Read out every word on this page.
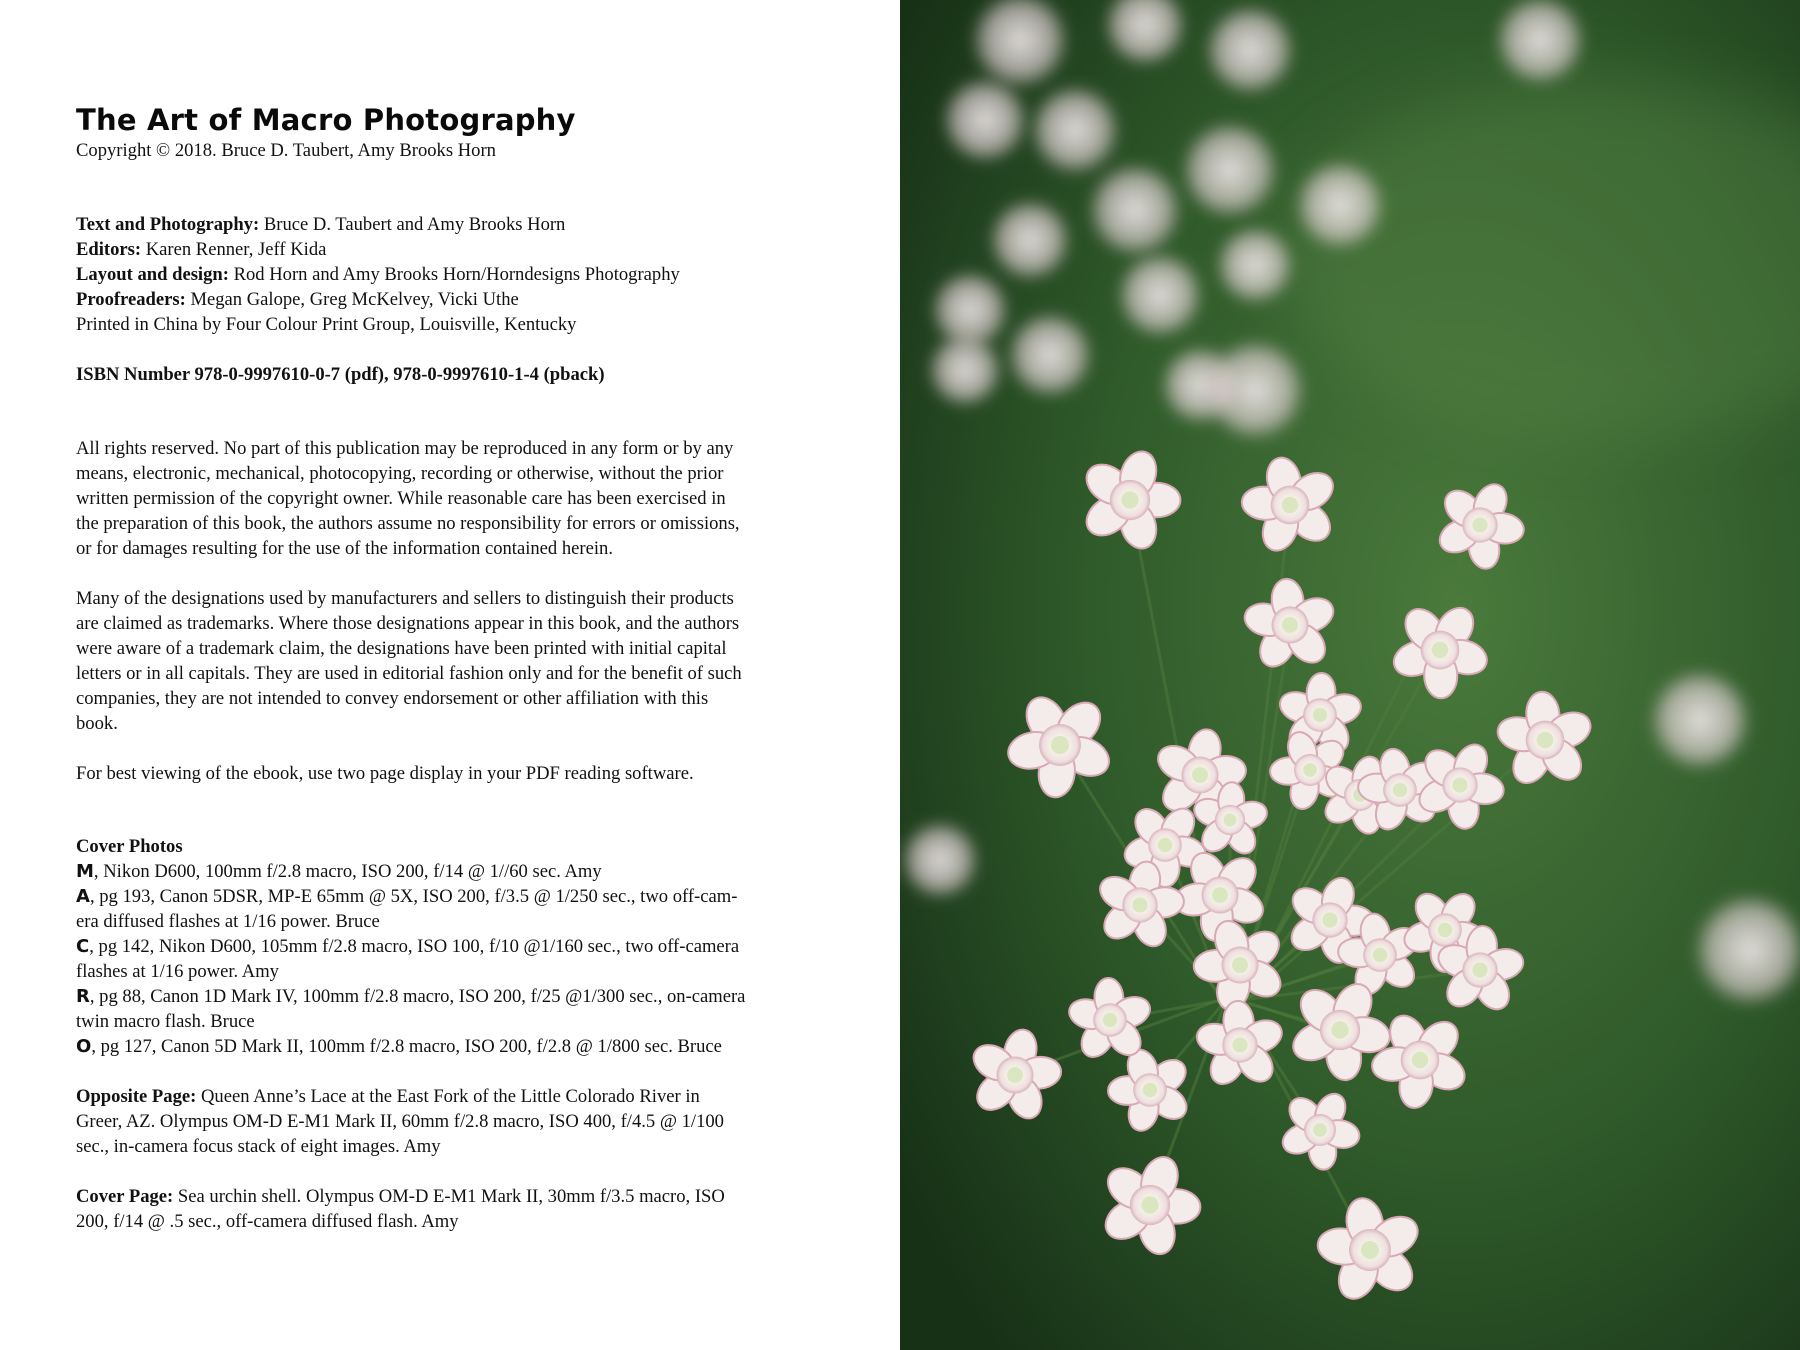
The Art of Macro Photography

Copyright © 2018. Bruce D. Taubert, Amy Brooks Horn

Text and Photography: Bruce D. Taubert and Amy Brooks Horn

Editors: Karen Renner, Jeff Kida

Layout and design: Rod Horn and Amy Brooks Horn/Horndesigns Photography

Proofreaders: Megan Galope, Greg McKelvey, Vicki Uthe

Printed in China by Four Colour Print Group, Louisville, Kentucky

ISBN Number 978-0-9997610-0-7 (pdf), 978-0-9997610-1-4 (pback)

All rights reserved. No part of this publication may be reproduced in any form or by any

means, electronic, mechanical, photocopying, recording or otherwise, without the prior

written permission of the copyright owner. While reasonable care has been exercised in

the preparation of this book, the authors assume no responsibility for errors or omissions,

or for damages resulting for the use of the information contained herein.

Many of the designations used by manufacturers and sellers to distinguish their products

are claimed as trademarks. Where those designations appear in this book, and the authors

were aware of a trademark claim, the designations have been printed with initial capital

letters or in all capitals. They are used in editorial fashion only and for the benefit of such

companies, they are not intended to convey endorsement or other affiliation with this

book.

For best viewing of the ebook, use two page display in your PDF reading software.

Cover Photos

M, Nikon D600, 100mm f/2.8 macro, ISO 200, f/14 @ 1//60 sec. Amy

A, pg 193, Canon 5DSR, MP-E 65mm @ 5X, ISO 200, f/3.5 @ 1/250 sec., two off-cam-

era diffused flashes at 1/16 power. Bruce

C, pg 142, Nikon D600, 105mm f/2.8 macro, ISO 100, f/10 @1/160 sec., two off-camera

flashes at 1/16 power. Amy

R, pg 88, Canon 1D Mark IV, 100mm f/2.8 macro, ISO 200, f/25 @1/300 sec., on-camera

twin macro flash. Bruce

O, pg 127, Canon 5D Mark II, 100mm f/2.8 macro, ISO 200, f/2.8 @ 1/800 sec. Bruce

Opposite Page: Queen Anne’s Lace at the East Fork of the Little Colorado River in

Greer, AZ. Olympus OM-D E-M1 Mark II, 60mm f/2.8 macro, ISO 400, f/4.5 @ 1/100

sec., in-camera focus stack of eight images. Amy

Cover Page: Sea urchin shell. Olympus OM-D E-M1 Mark II, 30mm f/3.5 macro, ISO

200, f/14 @ .5 sec., off-camera diffused flash. Amy
